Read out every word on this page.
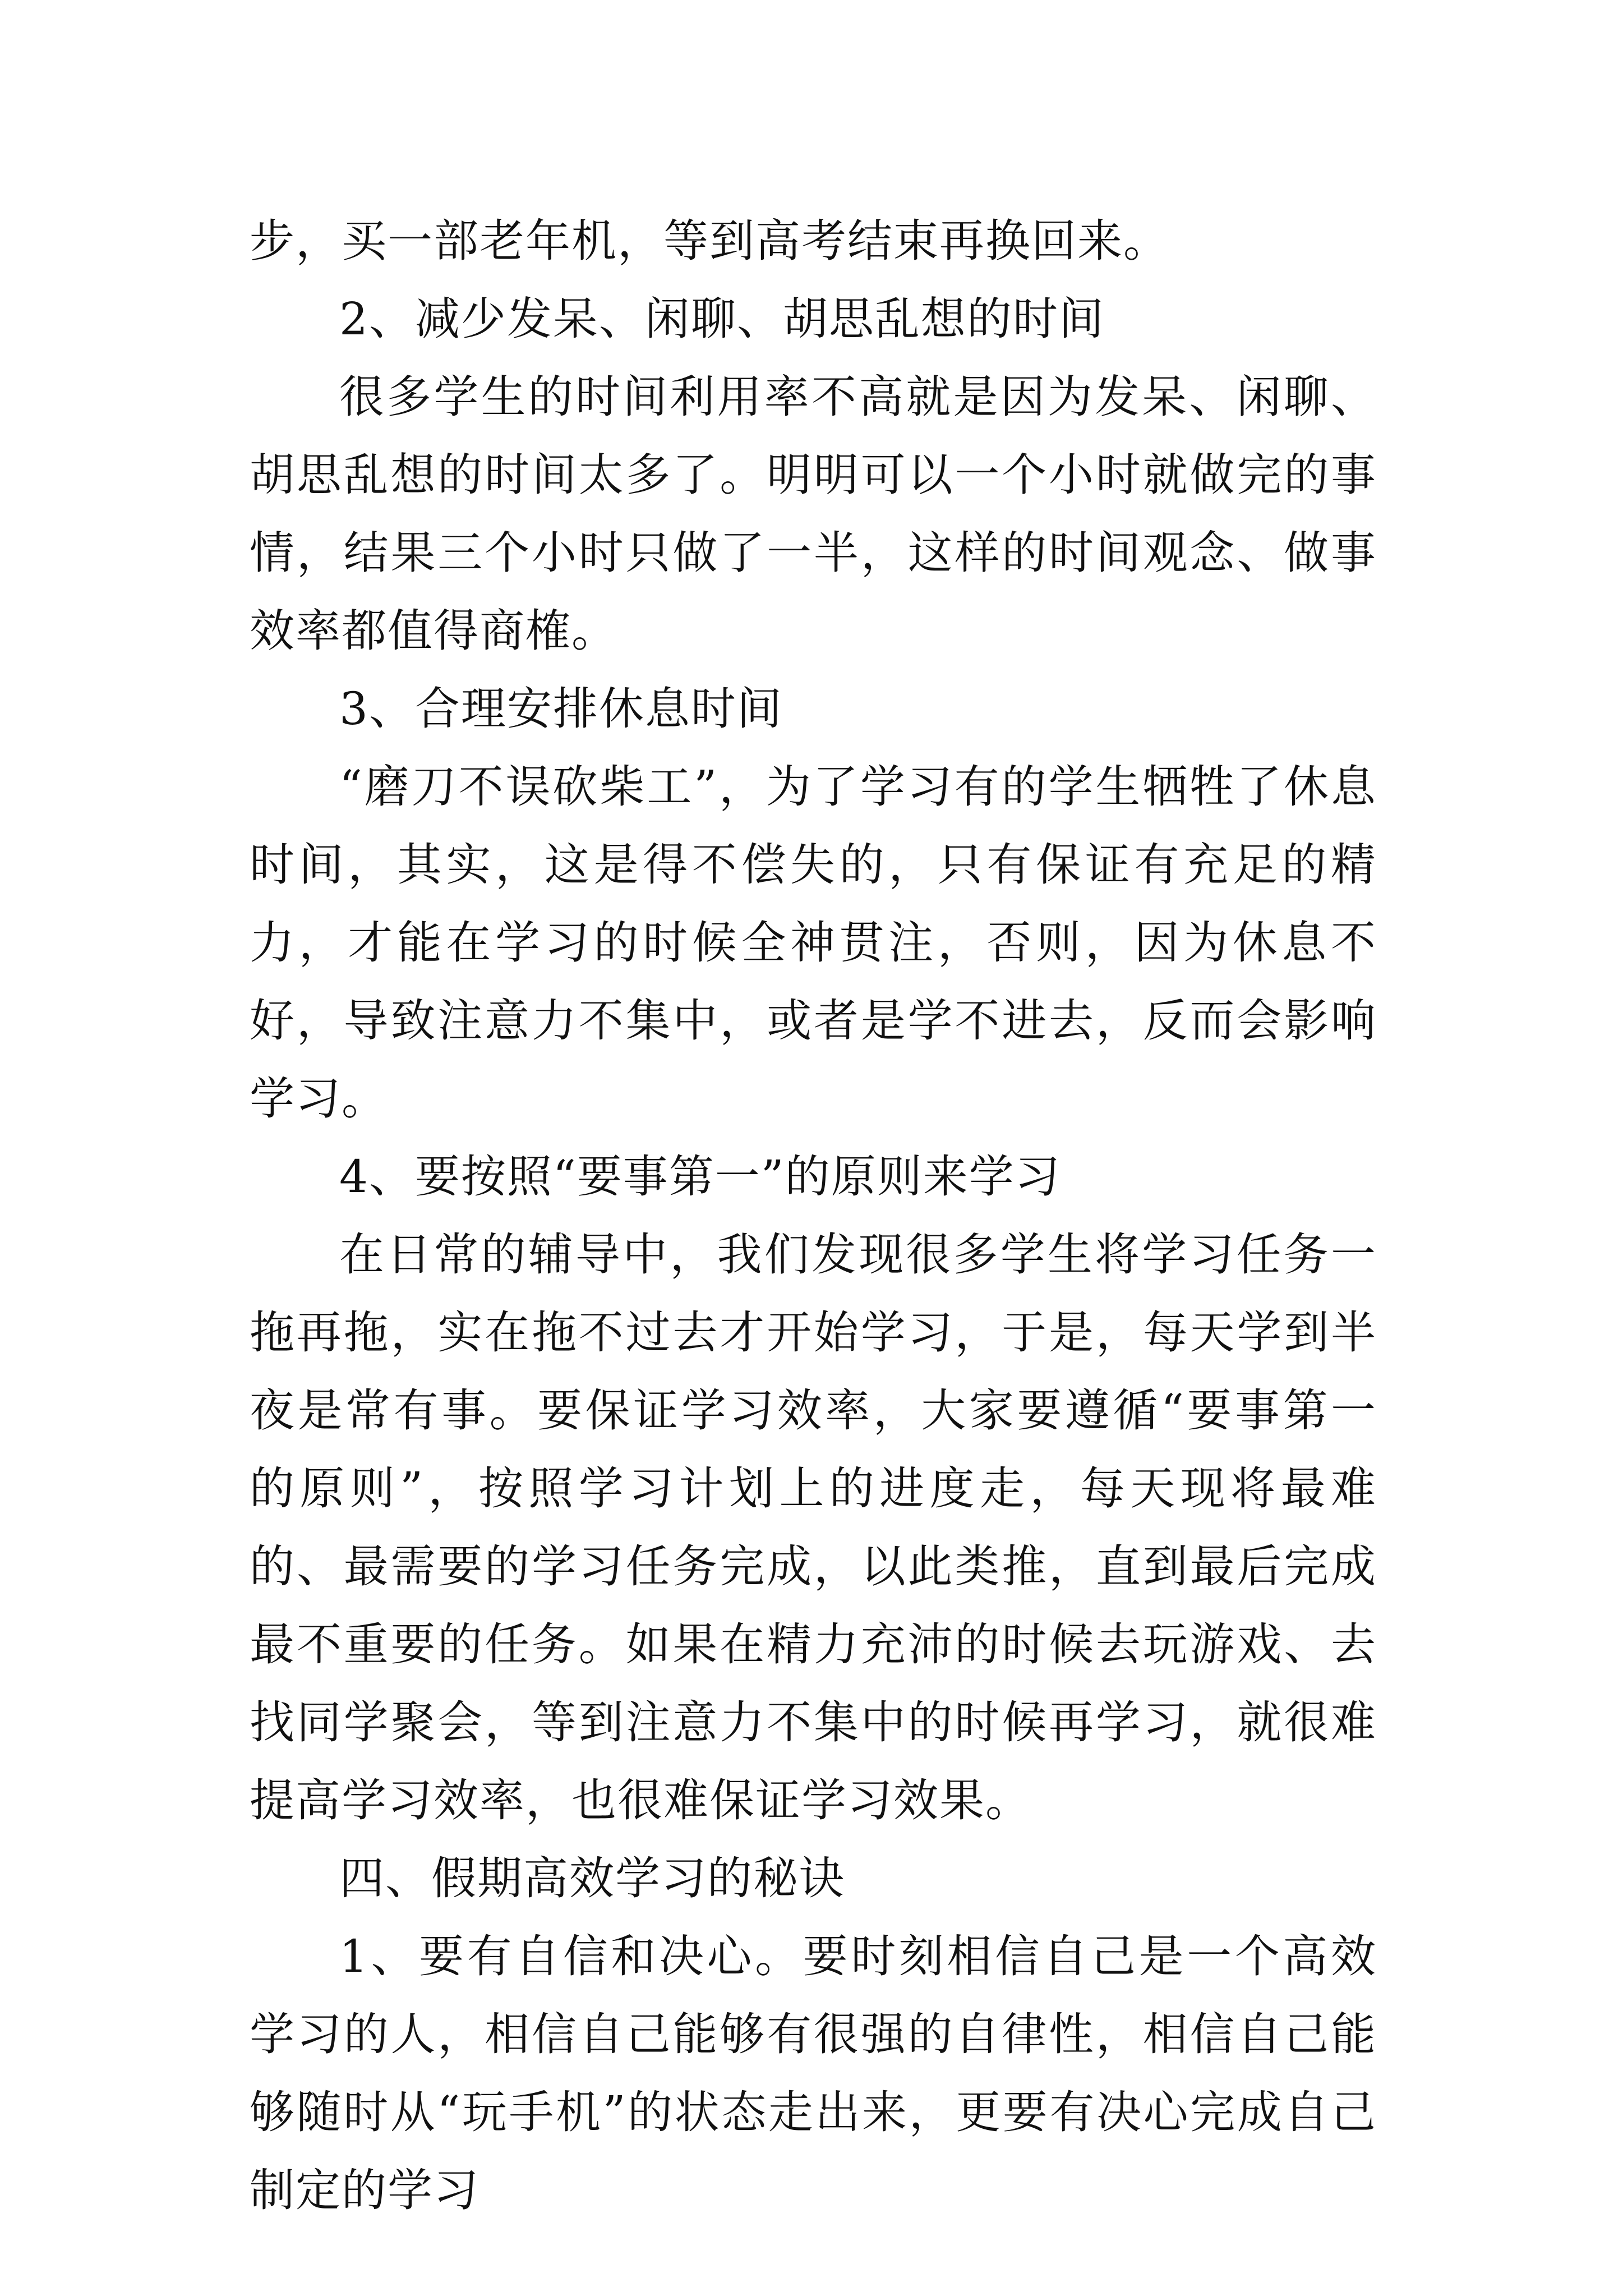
步，买一部老年机，等到高考结束再换回来。

2、减少发呆、闲聊、胡思乱想的时间

很多学生的时间利用率不高就是因为发呆、闲聊、胡思乱想的时间太多了。明明可以一个小时就做完的事情，结果三个小时只做了一半，这样的时间观念、做事效率都值得商榷。

3、合理安排休息时间

“磨刀不误砍柴工”，为了学习有的学生牺牲了休息时间，其实，这是得不偿失的，只有保证有充足的精力，才能在学习的时候全神贯注，否则，因为休息不好，导致注意力不集中，或者是学不进去，反而会影响学习。

4、要按照“要事第一”的原则来学习

在日常的辅导中，我们发现很多学生将学习任务一拖再拖，实在拖不过去才开始学习，于是，每天学到半夜是常有事。要保证学习效率，大家要遵循“要事第一的原则”，按照学习计划上的进度走，每天现将最难的、最需要的学习任务完成，以此类推，直到最后完成最不重要的任务。如果在精力充沛的时候去玩游戏、去找同学聚会，等到注意力不集中的时候再学习，就很难提高学习效率，也很难保证学习效果。

四、假期高效学习的秘诀

1、要有自信和决心。要时刻相信自己是一个高效学习的人，相信自己能够有很强的自律性，相信自己能够随时从“玩手机”的状态走出来，更要有决心完成自己制定的学习
